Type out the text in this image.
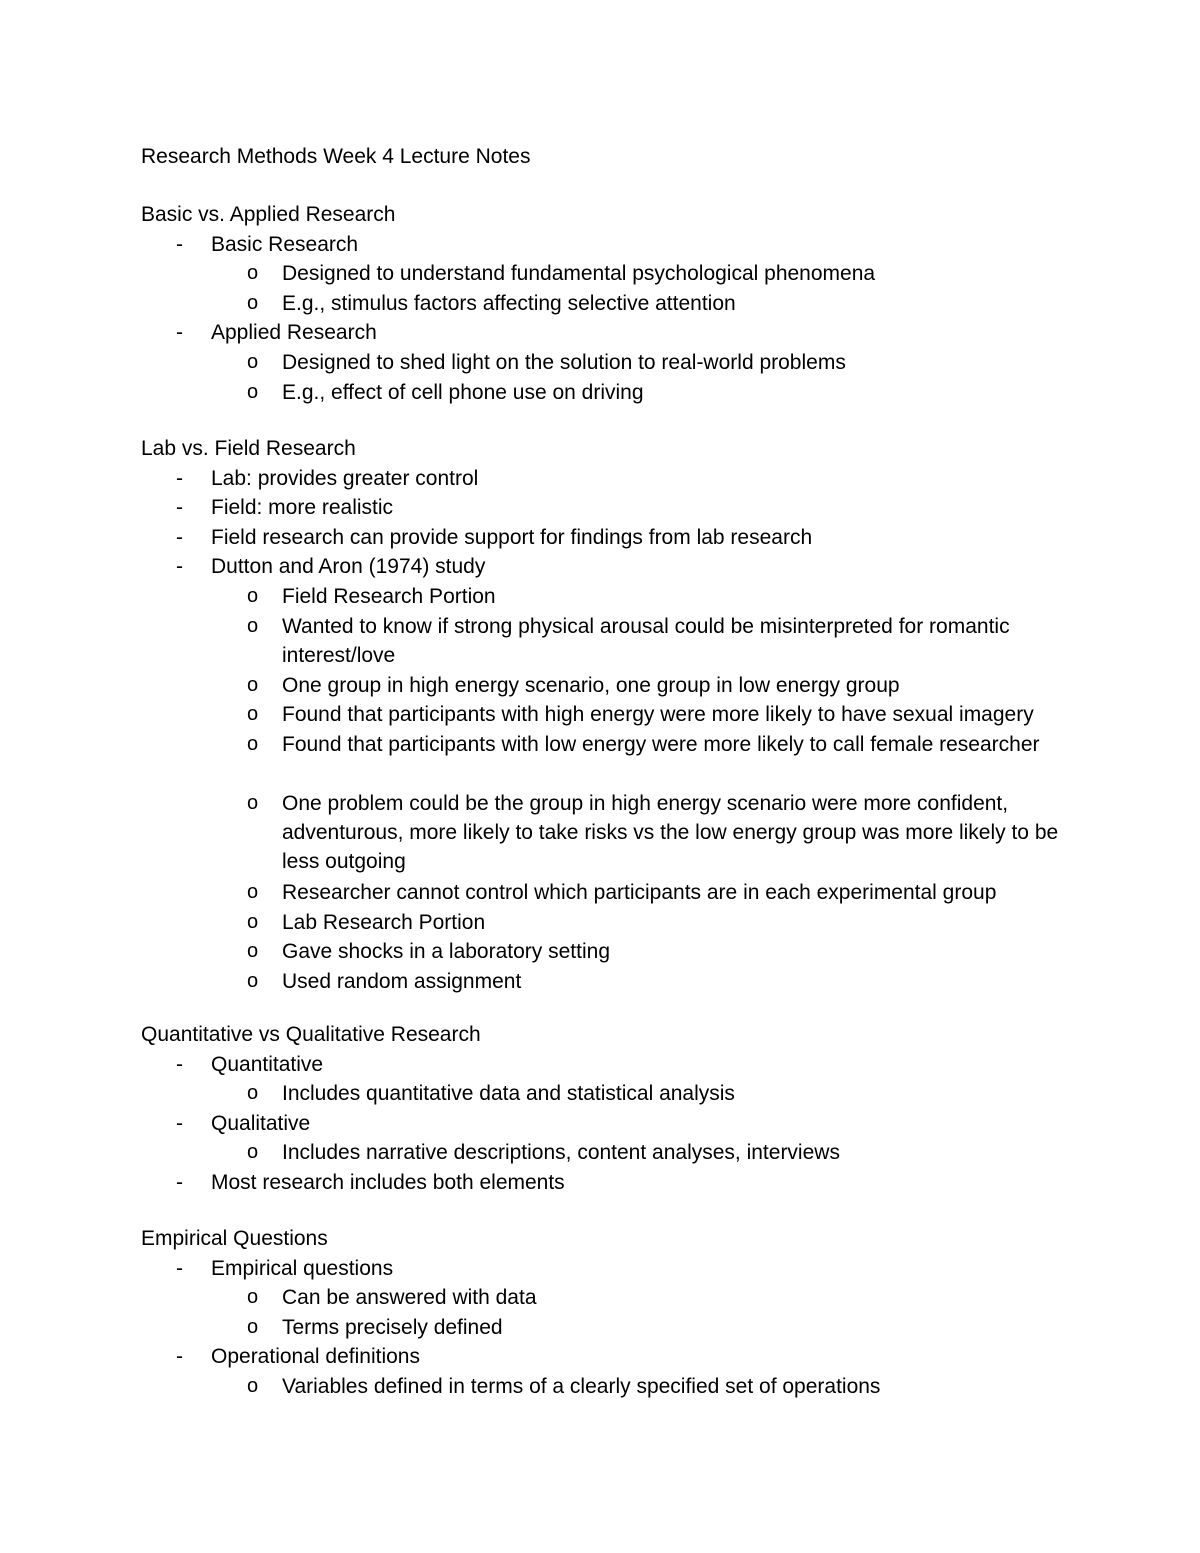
Research Methods Week 4 Lecture Notes
Basic vs. Applied Research
- Basic Research
o Designed to understand fundamental psychological phenomena
o E.g., stimulus factors affecting selective attention
- Applied Research
o Designed to shed light on the solution to real-world problems
o E.g., effect of cell phone use on driving
Lab vs. Field Research
- Lab: provides greater control
- Field: more realistic
- Field research can provide support for findings from lab research
- Dutton and Aron (1974) study
o Field Research Portion
o Wanted to know if strong physical arousal could be misinterpreted for romantic interest/love
o One group in high energy scenario, one group in low energy group
o Found that participants with high energy were more likely to have sexual imagery
o Found that participants with low energy were more likely to call female researcher
o One problem could be the group in high energy scenario were more confident, adventurous, more likely to take risks vs the low energy group was more likely to be less outgoing
o Researcher cannot control which participants are in each experimental group
o Lab Research Portion
o Gave shocks in a laboratory setting
o Used random assignment
Quantitative vs Qualitative Research
- Quantitative
o Includes quantitative data and statistical analysis
- Qualitative
o Includes narrative descriptions, content analyses, interviews
- Most research includes both elements
Empirical Questions
- Empirical questions
o Can be answered with data
o Terms precisely defined
- Operational definitions
o Variables defined in terms of a clearly specified set of operations
